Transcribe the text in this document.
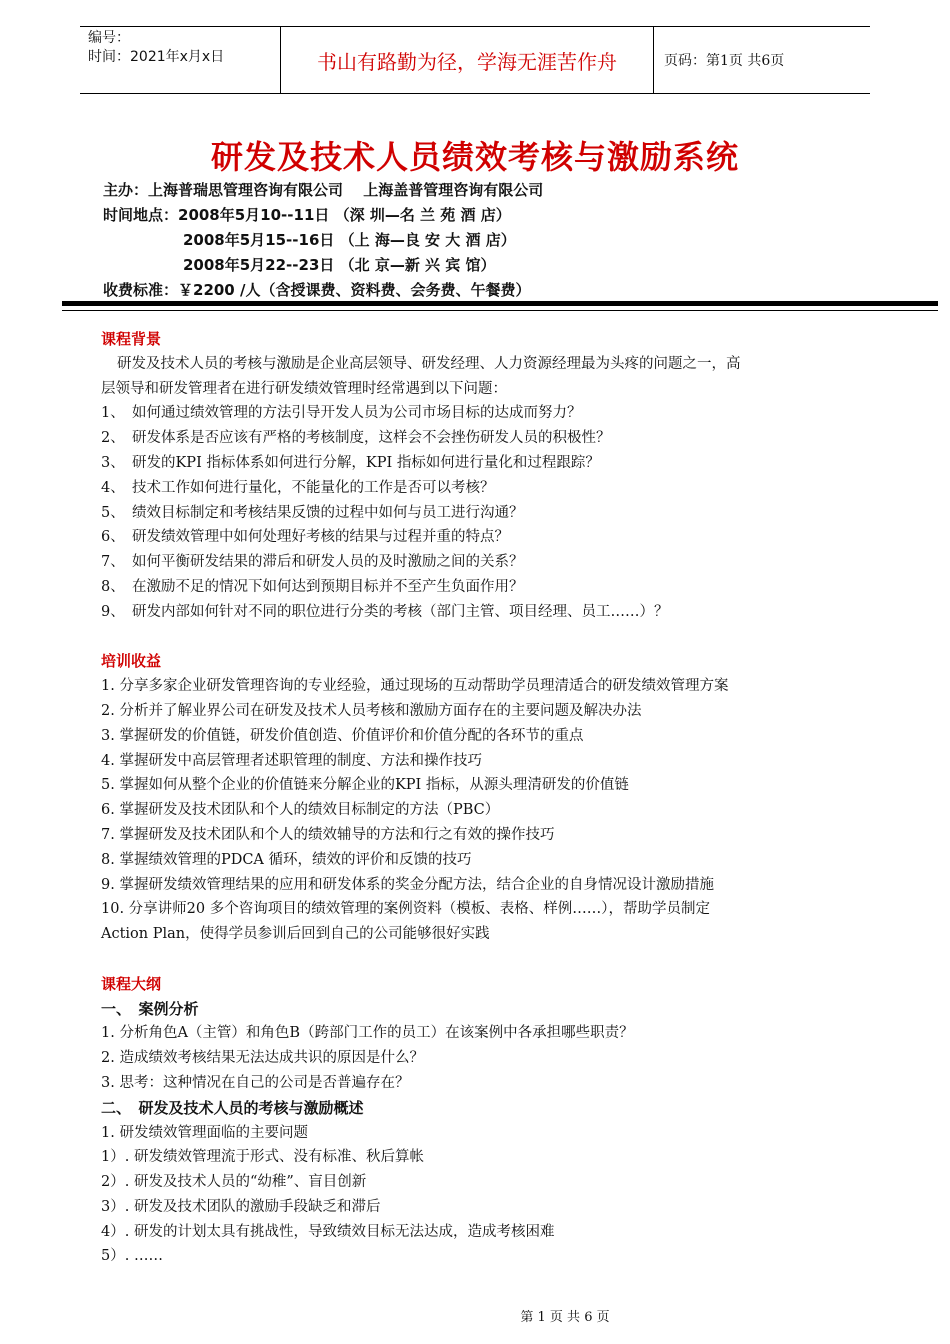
编号：
时间：2021年x月x日	书山有路勤为径，学海无涯苦作舟	页码：第1页 共6页
研发及技术人员绩效考核与激励系统
主办：上海普瑞思管理咨询有限公司　 上海盖普管理咨询有限公司
时间地点：2008年5月10--11日 （深 圳—名 兰 苑 酒 店）
2008年5月15--16日 （上 海—良 安 大 酒 店）
2008年5月22--23日 （北 京—新 兴 宾 馆）
收费标准：￥2200 /人（含授课费、资料费、会务费、午餐费）
课程背景
研发及技术人员的考核与激励是企业高层领导、研发经理、人力资源经理最为头疼的问题之一，高
层领导和研发管理者在进行研发绩效管理时经常遇到以下问题：
1、　如何通过绩效管理的方法引导开发人员为公司市场目标的达成而努力？
2、　研发体系是否应该有严格的考核制度，这样会不会挫伤研发人员的积极性？
3、　研发的KPI 指标体系如何进行分解，KPI 指标如何进行量化和过程跟踪？
4、　技术工作如何进行量化，不能量化的工作是否可以考核？
5、　绩效目标制定和考核结果反馈的过程中如何与员工进行沟通？
6、　研发绩效管理中如何处理好考核的结果与过程并重的特点？
7、　如何平衡研发结果的滞后和研发人员的及时激励之间的关系？
8、　在激励不足的情况下如何达到预期目标并不至产生负面作用？
9、　研发内部如何针对不同的职位进行分类的考核（部门主管、项目经理、员工……）？
培训收益
1. 分享多家企业研发管理咨询的专业经验，通过现场的互动帮助学员理清适合的研发绩效管理方案
2. 分析并了解业界公司在研发及技术人员考核和激励方面存在的主要问题及解决办法
3. 掌握研发的价值链，研发价值创造、价值评价和价值分配的各环节的重点
4. 掌握研发中高层管理者述职管理的制度、方法和操作技巧
5. 掌握如何从整个企业的价值链来分解企业的KPI 指标，从源头理清研发的价值链
6. 掌握研发及技术团队和个人的绩效目标制定的方法（PBC）
7. 掌握研发及技术团队和个人的绩效辅导的方法和行之有效的操作技巧
8. 掌握绩效管理的PDCA 循环，绩效的评价和反馈的技巧
9. 掌握研发绩效管理结果的应用和研发体系的奖金分配方法，结合企业的自身情况设计激励措施
10. 分享讲师20 多个咨询项目的绩效管理的案例资料（模板、表格、样例……），帮助学员制定
Action Plan，使得学员参训后回到自己的公司能够很好实践
课程大纲
一、　案例分析
1. 分析角色A（主管）和角色B（跨部门工作的员工）在该案例中各承担哪些职责？
2. 造成绩效考核结果无法达成共识的原因是什么？
3. 思考：这种情况在自己的公司是否普遍存在？
二、　研发及技术人员的考核与激励概述
1. 研发绩效管理面临的主要问题
1）. 研发绩效管理流于形式、没有标准、秋后算帐
2）. 研发及技术人员的“幼稚”、盲目创新
3）. 研发及技术团队的激励手段缺乏和滞后
4）. 研发的计划太具有挑战性，导致绩效目标无法达成，造成考核困难
5）. ……
第 1 页 共 6 页
